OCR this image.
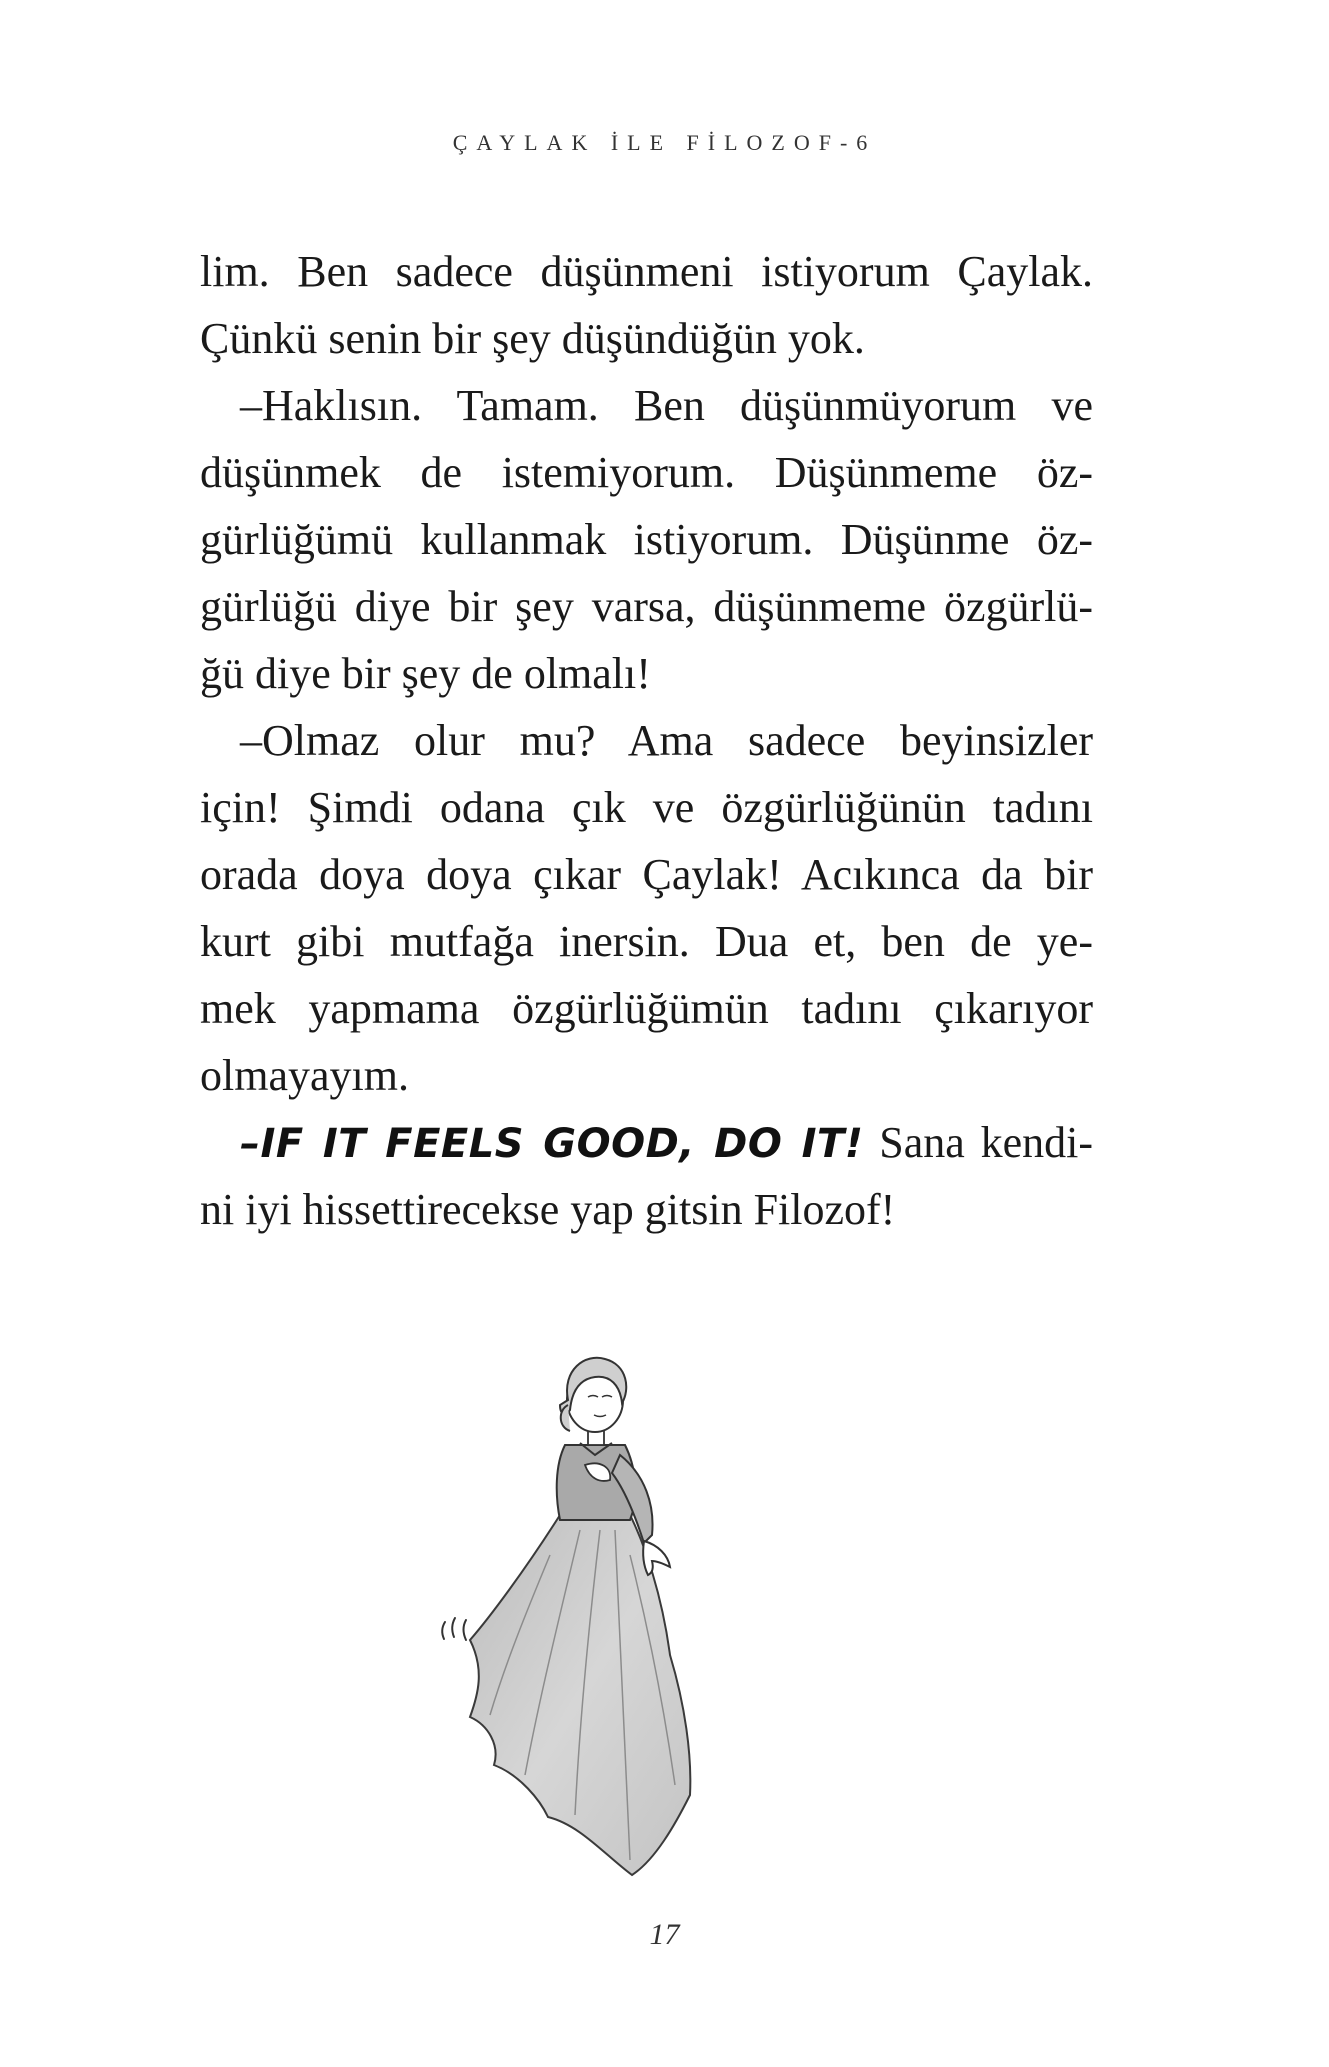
ÇAYLAK İLE FİLOZOF-6
lim. Ben sadece düşünmeni istiyorum Çaylak.
Çünkü senin bir şey düşündüğün yok.
–Haklısın. Tamam. Ben düşünmüyorum ve
düşünmek de istemiyorum. Düşünmeme öz-
gürlüğümü kullanmak istiyorum. Düşünme öz-
gürlüğü diye bir şey varsa, düşünmeme özgürlü-
ğü diye bir şey de olmalı!
–Olmaz olur mu? Ama sadece beyinsizler
için! Şimdi odana çık ve özgürlüğünün tadını
orada doya doya çıkar Çaylak! Acıkınca da bir
kurt gibi mutfağa inersin. Dua et, ben de ye-
mek yapmama özgürlüğümün tadını çıkarıyor
olmayayım.
–IF IT FEELS GOOD, DO IT! Sana kendi-
ni iyi hissettirecekse yap gitsin Filozof!
17
